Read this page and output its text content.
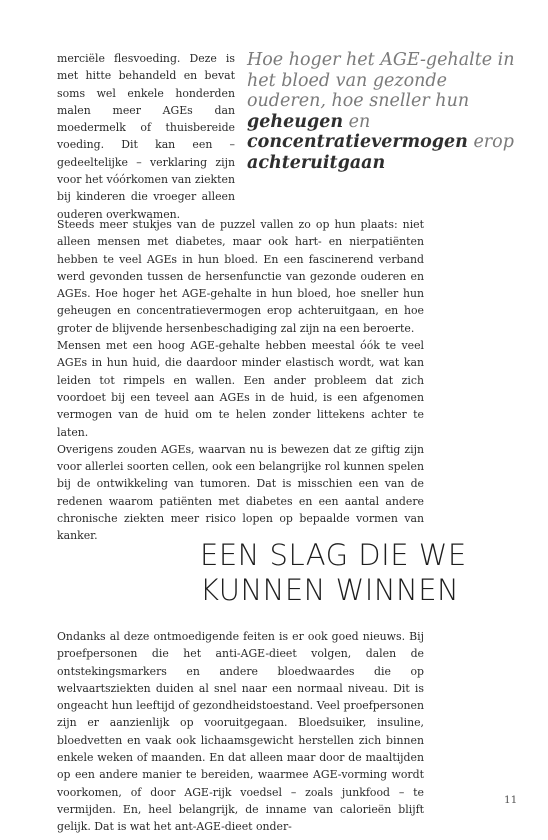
merciële flesvoeding. Deze is met hitte behandeld en bevat soms wel enkele honderden malen meer AGEs dan moedermelk of thuisbereide voeding. Dit kan een – gedeeltelijke – verklaring zijn voor het vóórkomen van ziekten bij kinderen die vroeger alleen ouderen overkwamen.
Hoe hoger het AGE-gehalte in het bloed van gezonde ouderen, hoe sneller hun geheugen en concentratievermogen erop achteruitgaan

Steeds meer stukjes van de puzzel vallen zo op hun plaats: niet alleen mensen met diabetes, maar ook hart- en nierpatiënten hebben te veel AGEs in hun bloed. En een fascinerend verband werd gevonden tussen de hersenfunctie van gezonde ouderen en AGEs. Hoe hoger het AGE-gehalte in hun bloed, hoe sneller hun geheugen en concentratievermogen erop achteruitgaan, en hoe groter de blijvende hersenbeschadiging zal zijn na een beroerte.

Mensen met een hoog AGE-gehalte hebben meestal óók te veel AGEs in hun huid, die daardoor minder elastisch wordt, wat kan leiden tot rimpels en wallen. Een ander probleem dat zich voordoet bij een teveel aan AGEs in de huid, is een afgenomen vermogen van de huid om te helen zonder littekens achter te laten.

Overigens zouden AGEs, waarvan nu is bewezen dat ze giftig zijn voor allerlei soorten cellen, ook een belangrijke rol kunnen spelen bij de ontwikkeling van tumoren. Dat is misschien een van de redenen waarom patiënten met diabetes en een aantal andere chronische ziekten meer risico lopen op bepaalde vormen van kanker.

EEN SLAG DIE WE KUNNEN WINNEN

Ondanks al deze ontmoedigende feiten is er ook goed nieuws. Bij proefpersonen die het anti-AGE-dieet volgen, dalen de ontstekingsmarkers en andere bloedwaardes die op welvaartsziekten duiden al snel naar een normaal niveau. Dit is ongeacht hun leeftijd of gezondheidstoestand. Veel proefpersonen zijn er aanzienlijk op vooruitgegaan. Bloedsuiker, insuline, bloedvetten en vaak ook lichaamsgewicht herstellen zich binnen enkele weken of maanden. En dat alleen maar door de maaltijden op een andere manier te bereiden, waarmee AGE-vorming wordt voorkomen, of door AGE-rijk voedsel – zoals junkfood – te vermijden. En, heel belangrijk, de inname van calorieën blijft gelijk. Dat is wat het ant-AGE-dieet onder-

11
